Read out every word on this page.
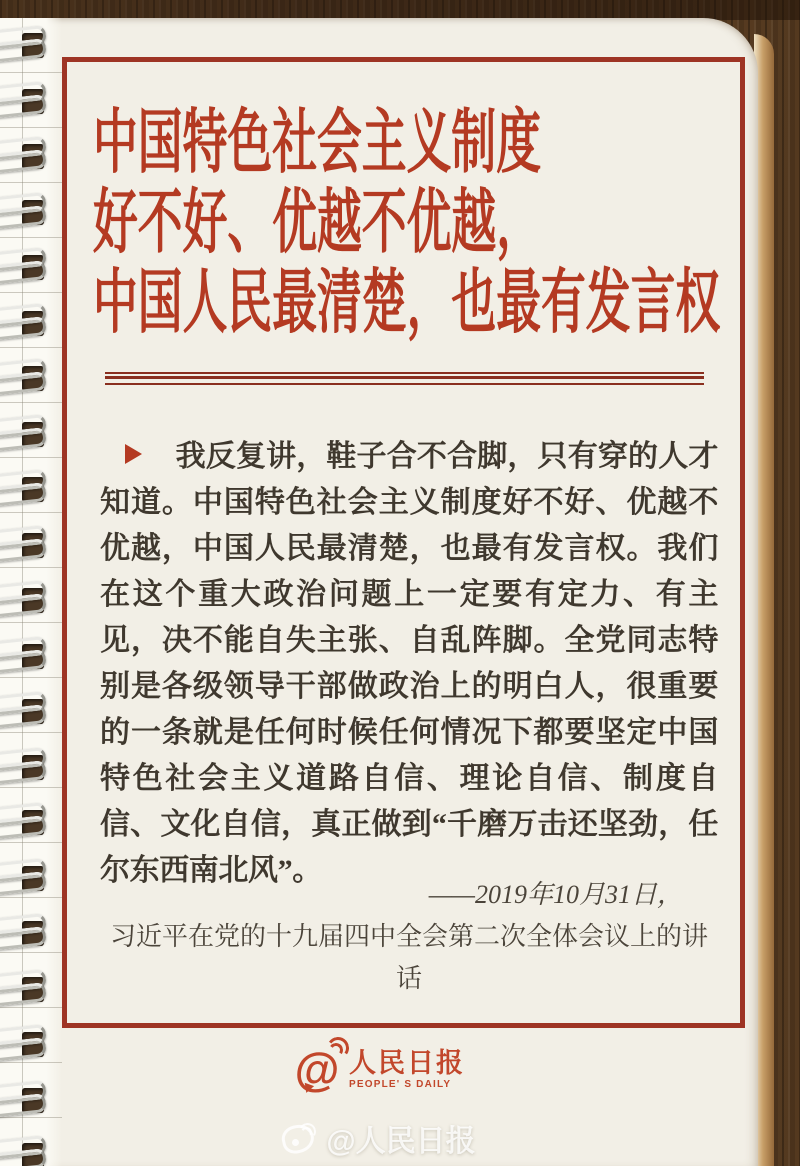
中国特色社会主义制度
好不好、优越不优越，
中国人民最清楚，也最有发言权

我反复讲，鞋子合不合脚，只有穿的人才知道。中国特色社会主义制度好不好、优越不优越，中国人民最清楚，也最有发言权。我们在这个重大政治问题上一定要有定力、有主见，决不能自失主张、自乱阵脚。全党同志特别是各级领导干部做政治上的明白人，很重要的一条就是任何时候任何情况下都要坚定中国特色社会主义道路自信、理论自信、制度自信、文化自信，真正做到“千磨万击还坚劲，任尔东西南北风”。

——2019年10月31日，
习近平在党的十九届四中全会第二次全体会议上的讲话
@ 人民日报
PEOPLE' S DAILY
@人民日报
